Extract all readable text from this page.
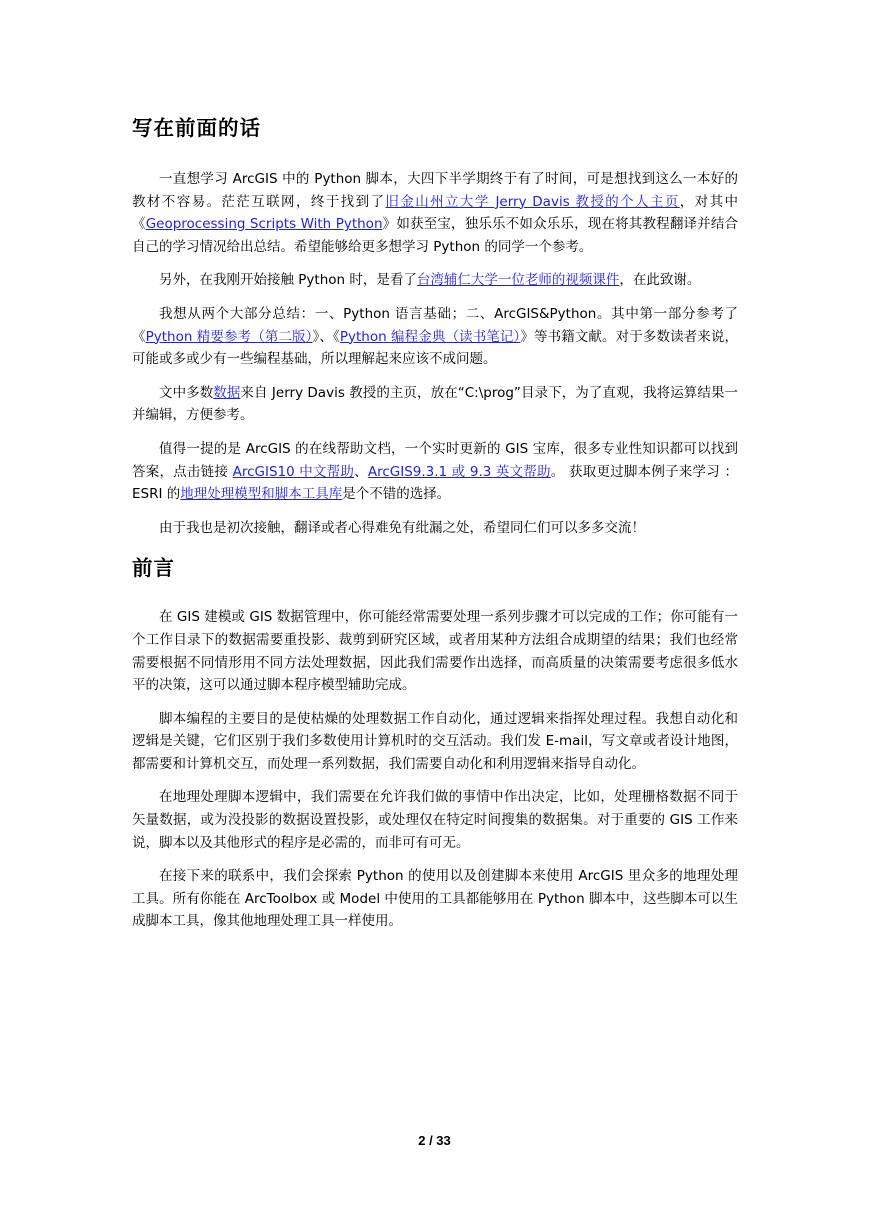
写在前面的话

一直想学习 ArcGIS 中的 Python 脚本，大四下半学期终于有了时间，可是想找到这么一本好的教材不容易。茫茫互联网，终于找到了旧金山州立大学 Jerry Davis 教授的个人主页，对其中《Geoprocessing Scripts With Python》如获至宝，独乐乐不如众乐乐，现在将其教程翻译并结合自己的学习情况给出总结。希望能够给更多想学习 Python 的同学一个参考。

另外，在我刚开始接触 Python 时，是看了台湾辅仁大学一位老师的视频课件，在此致谢。

我想从两个大部分总结：一、Python 语言基础；二、ArcGIS&Python。其中第一部分参考了《Python 精要参考（第二版）》、《Python 编程金典（读书笔记）》等书籍文献。对于多数读者来说，可能或多或少有一些编程基础，所以理解起来应该不成问题。

文中多数数据来自 Jerry Davis 教授的主页，放在“C:\prog”目录下，为了直观，我将运算结果一并编辑，方便参考。

值得一提的是 ArcGIS 的在线帮助文档，一个实时更新的 GIS 宝库，很多专业性知识都可以找到答案，点击链接 ArcGIS10 中文帮助、ArcGIS9.3.1 或 9.3 英文帮助。 获取更过脚本例子来学习 ：ESRI 的地理处理模型和脚本工具库是个不错的选择。

由于我也是初次接触，翻译或者心得难免有纰漏之处，希望同仁们可以多多交流！

前言

在 GIS 建模或 GIS 数据管理中，你可能经常需要处理一系列步骤才可以完成的工作；你可能有一个工作目录下的数据需要重投影、裁剪到研究区域，或者用某种方法组合成期望的结果；我们也经常需要根据不同情形用不同方法处理数据，因此我们需要作出选择，而高质量的决策需要考虑很多低水平的决策，这可以通过脚本程序模型辅助完成。

脚本编程的主要目的是使枯燥的处理数据工作自动化，通过逻辑来指挥处理过程。我想自动化和逻辑是关键，它们区别于我们多数使用计算机时的交互活动。我们发 E-mail，写文章或者设计地图，都需要和计算机交互，而处理一系列数据，我们需要自动化和利用逻辑来指导自动化。

在地理处理脚本逻辑中，我们需要在允许我们做的事情中作出决定，比如，处理栅格数据不同于矢量数据，或为没投影的数据设置投影，或处理仅在特定时间搜集的数据集。对于重要的 GIS 工作来说，脚本以及其他形式的程序是必需的，而非可有可无。

在接下来的联系中，我们会探索 Python 的使用以及创建脚本来使用 ArcGIS 里众多的地理处理工具。所有你能在 ArcToolbox 或 Model 中使用的工具都能够用在 Python 脚本中，这些脚本可以生成脚本工具，像其他地理处理工具一样使用。

2 / 33
